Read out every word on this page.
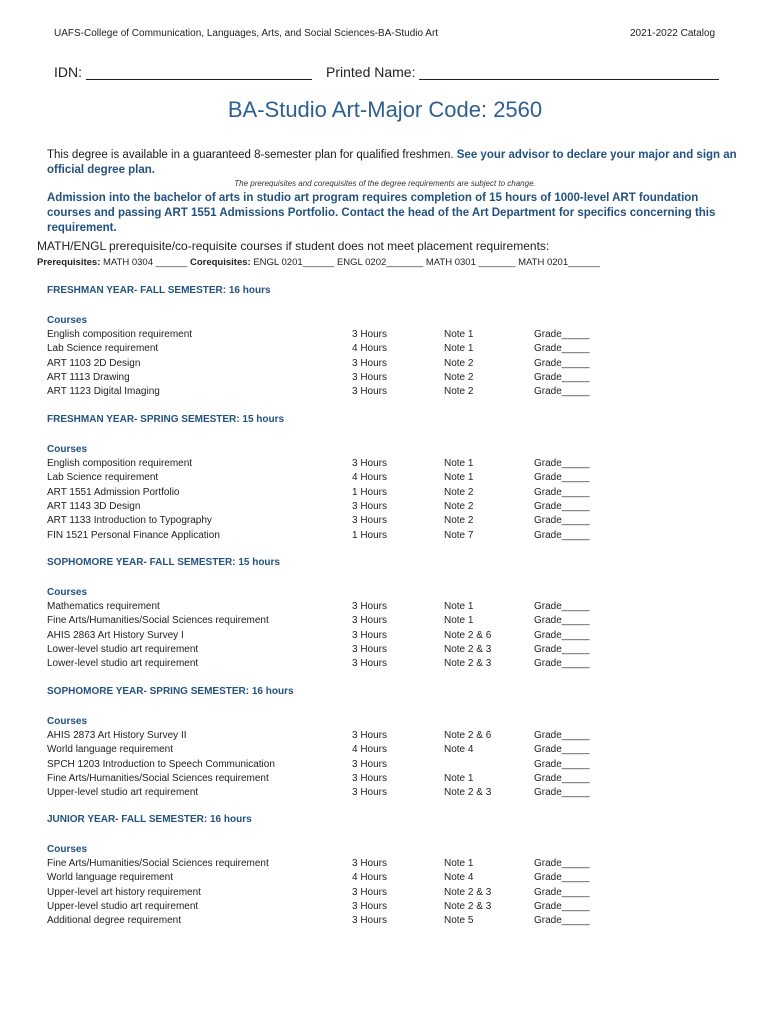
UAFS-College of Communication, Languages, Arts, and Social Sciences-BA-Studio Art	2021-2022 Catalog
IDN:	Printed Name:
BA-Studio Art-Major Code: 2560
This degree is available in a guaranteed 8-semester plan for qualified freshmen. See your advisor to declare your major and sign an official degree plan.
The prerequisites and corequisites of the degree requirements are subject to change.
Admission into the bachelor of arts in studio art program requires completion of 15 hours of 1000-level ART foundation courses and passing ART 1551 Admissions Portfolio. Contact the head of the Art Department for specifics concerning this requirement.
MATH/ENGL prerequisite/co-requisite courses if student does not meet placement requirements:
Prerequisites: MATH 0304 ______ Corequisites: ENGL 0201______ ENGL 0202_______ MATH 0301 _______ MATH 0201______
FRESHMAN YEAR- FALL SEMESTER: 16 hours
Courses
English composition requirement	3 Hours	Note 1	Grade_____
Lab Science requirement	4 Hours	Note 1	Grade_____
ART 1103 2D Design	3 Hours	Note 2	Grade_____
ART 1113 Drawing	3 Hours	Note 2	Grade_____
ART 1123 Digital Imaging	3 Hours	Note 2	Grade_____
FRESHMAN YEAR- SPRING SEMESTER: 15 hours
Courses
English composition requirement	3 Hours	Note 1	Grade_____
Lab Science requirement	4 Hours	Note 1	Grade_____
ART 1551 Admission Portfolio	1 Hours	Note 2	Grade_____
ART 1143 3D Design	3 Hours	Note 2	Grade_____
ART 1133 Introduction to Typography	3 Hours	Note 2	Grade_____
FIN 1521 Personal Finance Application	1 Hours	Note 7	Grade_____
SOPHOMORE YEAR- FALL SEMESTER: 15 hours
Courses
Mathematics requirement	3 Hours	Note 1	Grade_____
Fine Arts/Humanities/Social Sciences requirement	3 Hours	Note 1	Grade_____
AHIS 2863 Art History Survey I	3 Hours	Note 2 & 6	Grade_____
Lower-level studio art requirement	3 Hours	Note 2 & 3	Grade_____
Lower-level studio art requirement	3 Hours	Note 2 & 3	Grade_____
SOPHOMORE YEAR- SPRING SEMESTER: 16 hours
Courses
AHIS 2873 Art History Survey II	3 Hours	Note 2 & 6	Grade_____
World language requirement	4 Hours	Note 4	Grade_____
SPCH 1203 Introduction to Speech Communication	3 Hours	Grade_____
Fine Arts/Humanities/Social Sciences requirement	3 Hours	Note 1	Grade_____
Upper-level studio art requirement	3 Hours	Note 2 & 3	Grade_____
JUNIOR YEAR- FALL SEMESTER: 16 hours
Courses
Fine Arts/Humanities/Social Sciences requirement	3 Hours	Note 1	Grade_____
World language requirement	4 Hours	Note 4	Grade_____
Upper-level art history requirement	3 Hours	Note 2 & 3	Grade_____
Upper-level studio art requirement	3 Hours	Note 2 & 3	Grade_____
Additional degree requirement	3 Hours	Note 5	Grade_____
